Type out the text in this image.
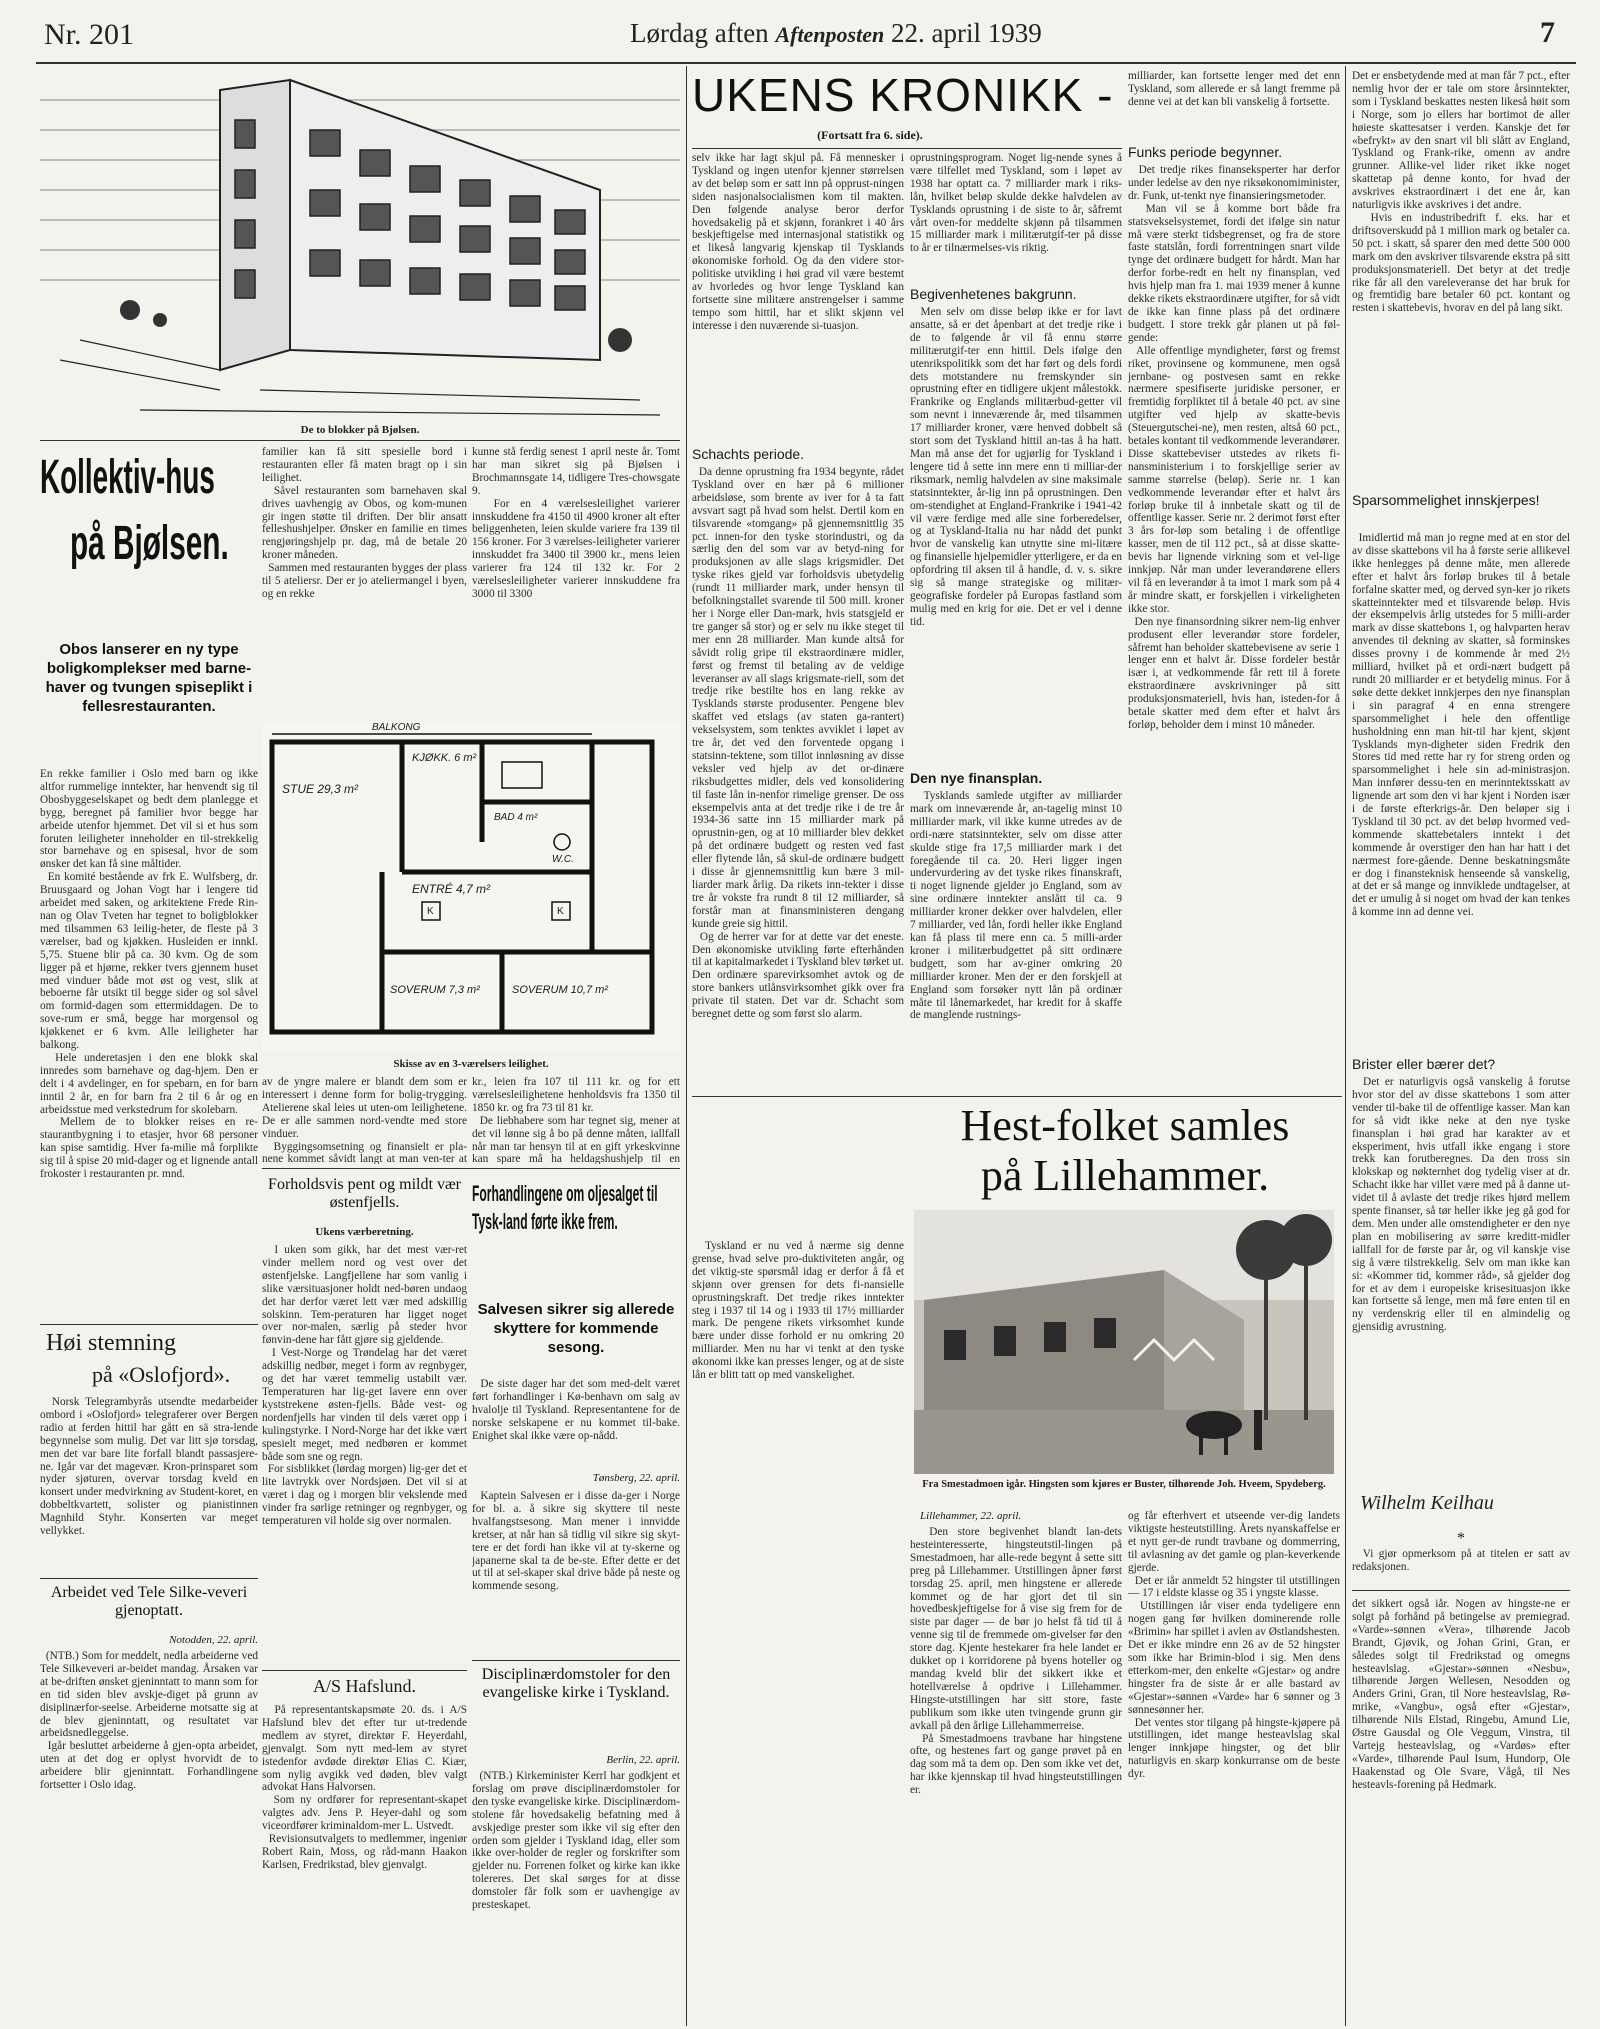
Nr. 201	Lørdag aften Aftenposten 22. april 1939	7
De to blokker på Bjølsen.
Kollektiv-hus
på Bjølsen.
Obos lanserer en ny type boligkomplekser med barne-haver og tvungen spiseplikt i fellesrestauranten.
En rekke familier i Oslo med barn og ikke altfor rummelige inntekter, har henvendt sig til Obosbyggeselskapet og bedt dem planlegge et bygg, beregnet på familier hvor begge har arbeide utenfor hjemmet. Det vil si et hus som foruten leiligheter inneholder en til-strekkelig stor barnehave og en spisesal, hvor de som ønsker det kan få sine måltider.
En komité bestående av frk E. Wulfsberg, dr. Bruusgaard og Johan Vogt har i lengere tid arbeidet med saken, og arkitektene Frede Rin-nan og Olav Tveten har tegnet to boligblokker med tilsammen 63 leilig-heter, de fleste på 3 værelser, bad og kjøkken. Husleiden er innkl. 5,75. Stuene blir på ca. 30 kvm. Og de som ligger på et hjørne, rekker tvers gjennem huset med vinduer både mot øst og vest, slik at beboerne får utsikt til begge sider og sol såvel om formid-dagen som ettermiddagen. De to sove-rum er små, begge har morgensol og kjøkkenet er 6 kvm. Alle leiligheter har balkong.
Hele underetasjen i den ene blokk skal innredes som barnehave og dag-hjem. Den er delt i 4 avdelinger, en for spebarn, en for barn inntil 2 år, en for barn fra 2 til 6 år og en arbeidsstue med verkstedrum for skolebarn.
Mellem de to blokker reises en re-staurantbygning i to etasjer, hvor 68 personer kan spise samtidig. Hver fa-milie må forplikte sig til å spise 20 mid-dager og et lignende antall frokoster i restauranten pr. mnd.
familier kan få sitt spesielle bord i restauranten eller få maten bragt op i sin leilighet.
Såvel restauranten som barnehaven skal drives uavhengig av Obos, og kom-munen gir ingen støtte til driften. Der blir ansatt felleshushjelper. Ønsker en familie en times rengjøringshjelp pr. dag, må de betale 20 kroner måneden.
Sammen med restauranten bygges der plass til 5 ateliersr. Der er jo ateliermangel i byen, og en rekke
kunne stå ferdig senest 1 april neste år. Tomt har man sikret sig på Bjølsen i Brochmannsgate 14, tidligere Tres-chowsgate 9.
For en 4 værelsesleilighet varierer innskuddene fra 4150 til 4900 kroner alt efter beliggenheten, leien skulde variere fra 139 til 156 kroner. For 3 værelses-leiligheter varierer innskuddet fra 3400 til 3900 kr., mens leien varierer fra 124 til 132 kr. For 2 værelsesleiligheter varierer innskuddene fra 3000 til 3300
BALKONG
STUE 29,3 m²
KJØKK. 6 m²
BAD 4 m²
W.C.
ENTRÉ 4,7 m²
K	K
SOVERUM 7,3 m²	SOVERUM 10,7 m²
Skisse av en 3-værelsers leilighet.
av de yngre malere er blandt dem som er interessert i denne form for bolig-trygging. Atelierene skal leies ut uten-om leilighetene. De er alle sammen nord-vendte med store vinduer.
Byggingsomsetning og finansielt er pla-nene kommet såvidt langt at man ven-ter at
kr., leien fra 107 til 111 kr. og for ett værelsesleilighetene henholdsvis fra 1350 til 1850 kr. og fra 73 til 81 kr.
De liebhabere som har tegnet sig, mener at det vil lønne sig å bo på denne måten, iallfall når man tar hensyn til at en gift yrkeskvinne kan spare må ha heldagshushjelp til en
Høi stemning
på «Oslofjord».
Norsk Telegrambyrås utsendte medarbeider ombord i «Oslofjord» telegraferer over Bergen radio at ferden hittil har gått en sä stra-lende begynnelse som mulig. Det var litt sjø torsdag, men det var bare lite forfall blandt passasjere-ne. Igår var det magevær. Kron-prinsparet som nyder sjøturen, overvar torsdag kveld en konsert under medvirkning av Student-koret, en dobbeltkvartett, solister og pianistinnen Magnhild Styhr. Konserten var meget vellykket.
Arbeidet ved Tele Silke-veveri gjenoptatt.
Notodden, 22. april.
(NTB.) Som for meddelt, nedla arbeiderne ved Tele Silkeveveri ar-beidet mandag. Årsaken var at be-driften ønsket gjeninntatt to mann som for en tid siden blev avskje-diget på grunn av disiplinærfor-seelse. Arbeiderne motsatte sig at de blev gjeninntatt, og resultatet var arbeidsnedleggelse.
Igår besluttet arbeiderne å gjen-opta arbeidet, uten at det dog er oplyst hvorvidt de to arbeidere blir gjeninntatt. Forhandlingene fortsetter i Oslo idag.
Forholdsvis pent og mildt vær østenfjells.
Ukens værberetning.
I uken som gikk, har det mest vær-ret vinder mellem nord og vest over det østenfjelske. Langfjellene har som vanlig i slike værsituasjoner holdt ned-børen undaog det har derfor været lett vær med adskillig solskinn. Tem-peraturen har ligget noget over nor-malen, særlig på steder hvor fønvin-dene har fått gjøre sig gjeldende.
I Vest-Norge og Trøndelag har det været adskillig nedbør, meget i form av regnbyger, og det har været temmelig ustabilt vær. Temperaturen har lig-get lavere enn over kyststrekene østen-fjells. Både vest- og nordenfjells har vinden til dels været opp i kulingstyrke. I Nord-Norge har det ikke vært spesielt meget, med nedbøren er kommet både som sne og regn.
For sisblikket (lørdag morgen) lig-ger det et lite lavtrykk over Nordsjøen. Det vil si at været i dag og i morgen blir vekslende med vinder fra sørlige retninger og regnbyger, og temperaturen vil holde sig over normalen.
A/S Hafslund.
På representantskapsmøte 20. ds. i A/S Hafslund blev det efter tur ut-tredende medlem av styret, direktør F. Heyerdahl, gjenvalgt. Som nytt med-lem av styret istedenfor avdøde direktør Elias C. Kiær, som nylig avgikk ved døden, blev valgt advokat Hans Halvorsen.
Som ny ordfører for representant-skapet valgtes adv. Jens P. Heyer-dahl og som viceordfører kriminaldom-mer L. Ustvedt.
Revisionsutvalgets to medlemmer, ingeniør Robert Rain, Moss, og råd-mann Haakon Karlsen, Fredrikstad, blev gjenvalgt.
Forhandlingene om oljesalget til Tysk-land førte ikke frem.
Salvesen sikrer sig allerede skyttere for kommende sesong.
De siste dager har det som med-delt været ført forhandlinger i Kø-benhavn om salg av hvalolje til Tyskland. Representantene for de norske selskapene er nu kommet til-bake. Enighet skal ikke være op-nådd.
Tønsberg, 22. april.
Kaptein Salvesen er i disse da-ger i Norge for bl. a. å sikre sig skyttere til neste hvalfangstsesong. Man mener i innvidde kretser, at når han så tidlig vil sikre sig skyt-tere er det fordi han ikke vil at ty-skerne og japanerne skal ta de be-ste. Efter dette er det ut til at sel-skaper skal drive både på neste og kommende sesong.
Disciplinærdomstoler for den evangeliske kirke i Tyskland.
Berlin, 22. april.
(NTB.) Kirkeminister Kerrl har godkjent et forslag om prøve disciplinærdomstoler for den tyske evangeliske kirke. Disciplinærdom-stolene får hovedsakelig befatning med å avskjedige prester som ikke vil sig efter den orden som gjelder i Tyskland idag, eller som ikke over-holder de regler og forskrifter som gjelder nu. Forrenen folket og kirke kan ikke tolereres. Det skal sørges for at disse domstoler får folk som er uavhengige av presteskapet.
UKENS KRONIKK -
(Fortsatt fra 6. side).
selv ikke har lagt skjul på. Få mennesker i Tyskland og ingen utenfor kjenner størrelsen av det beløp som er satt inn på opprust-ningen siden nasjonalsocialismen kom til makten. Den følgende analyse beror derfor hovedsakelig på et skjønn, forankret i 40 års beskjeftigelse med internasjonal statistikk og et likeså langvarig kjenskap til Tysklands økonomiske forhold. Og da den videre stor-politiske utvikling i høi grad vil være bestemt av hvorledes og hvor lenge Tyskland kan fortsette sine militære anstrengelser i samme tempo som hittil, har et slikt skjønn vel interesse i den nuværende si-tuasjon.
Schachts periode.
Da denne oprustning fra 1934 begynte, rådet Tyskland over en hær på 6 millioner arbeidsløse, som brente av iver for å ta fatt avsvart sagt på hvad som helst. Dertil kom en tilsvarende «tomgang» på gjennemsnittlig 35 pct. innen-for den tyske storindustri, og da særlig den del som var av betyd-ning for produksjonen av alle slags krigsmidler. Det tyske rikes gjeld var forholdsvis ubetydelig (rundt 11 milliarder mark, under hensyn til befolkningstallet svarende til 500 mill. kroner her i Norge eller Dan-mark, hvis statsgjeld er tre ganger så stor) og er selv nu ikke steget til mer enn 28 milliarder. Man kunde altså for såvidt rolig gripe til ekstraordinære midler, først og fremst til betaling av de veldige leveranser av all slags krigsmate-riell, som det tredje rike bestilte hos en lang rekke av Tysklands største produsenter. Pengene blev skaffet ved etslags (av staten ga-rantert) vekselsystem, som tenktes avviklet i løpet av tre år, det ved den forventede opgang i statsinn-tektene, som tillot innløsning av disse veksler ved hjelp av det or-dinære riksbudgettes midler, dels ved konsolidering til faste lån in-nenfor rimelige grenser. De oss eksempelvis anta at det tredje rike i de tre år 1934-36 satte inn 15 milliarder mark på oprustnin-gen, og at 10 milliarder blev dekket på det ordinære budgett og resten ved fast eller flytende lån, så skul-de ordinære budgett i disse år gjennemsnittlig kun bære 3 mil-liarder mark årlig. Da rikets inn-tekter i disse tre år vokste fra rundt 8 til 12 milliarder, så forstår man at finansministeren dengang kunde greie sig hittil.
Og de herrer var for at dette var det eneste. Den økonomiske utvikling førte efterhånden til at kapitalmarkedet i Tyskland blev tørket ut. Den ordinære sparevirksomhet avtok og de store bankers utlånsvirksomhet gikk over fra private til staten. Det var dr. Schacht som beregnet dette og som først slo alarm.
Tyskland er nu ved å nærme sig denne grense, hvad selve pro-duktiviteten angår, og det viktig-ste spørsmål idag er derfor å få et skjønn over grensen for dets fi-nansielle oprustningskraft. Det tredje rikes inntekter steg i 1937 til 14 og i 1933 til 17½ milliarder mark. De pengene rikets virksomhet kunde bære under disse forhold er nu omkring 20 milliarder. Men nu har vi tenkt at den tyske økonomi ikke kan presses lenger, og at de siste lån er blitt tatt op med vanskelighet.
oprustningsprogram. Noget lig-nende synes å være tilfellet med Tyskland, som i løpet av 1938 har optatt ca. 7 milliarder mark i riks-lån, hvilket beløp skulde dekke halvdelen av Tysklands oprustning i de siste to år, såfremt vårt oven-for meddelte skjønn på tilsammen 15 milliarder mark i militærutgif-ter på disse to år er tilnærmelses-vis riktig.
Begivenhetenes bakgrunn.
Men selv om disse beløp ikke er for lavt ansatte, så er det åpenbart at det tredje rike i de to følgende år vil få ennu større militærutgif-ter enn hittil. Dels ifølge den utenrikspolitikk som det har ført og dels fordi dets motstandere nu fremskynder sin oprustning efter en tidligere ukjent målestokk. Frankrike og Englands militærbud-getter vil som nevnt i inneværende år, med tilsammen 17 milliarder kroner, være henved dobbelt så stort som det Tyskland hittil an-tas å ha hatt. Man må anse det for ugjørlig for Tyskland i lengere tid å sette inn mere enn ti milliar-der riksmark, nemlig halvdelen av sine maksimale statsinntekter, år-lig inn på oprustningen. Den om-stendighet at England-Frankrike i 1941-42 vil være ferdige med alle sine forberedelser, og at Tyskland-Italia nu har nådd det punkt hvor de vanskelig kan utnytte sine mi-litære og finansielle hjelpemidler ytterligere, er da en opfordring til aksen til å handle, d. v. s. sikre sig så mange strategiske og militær-geografiske fordeler på Europas fastland som mulig med en krig for øie. Det er vel i denne tid.
Den nye finansplan.
Tysklands samlede utgifter av milliarder mark om inneværende år, an-tagelig minst 10 milliarder mark, vil ikke kunne utredes av de ordi-nære statsinntekter, selv om disse atter skulde stige fra 17,5 milliarder mark i det foregående til ca. 20. Heri ligger ingen undervurdering av det tyske rikes finanskraft, ti noget lignende gjelder jo England, som av sine ordinære inntekter anslått til ca. 9 milliarder kroner dekker over halvdelen, eller 7 milliarder, ved lån, fordi heller ikke England kan få plass til mere enn ca. 5 milli-arder kroner i militærbudgettet på sitt ordinære budgett, som har av-giner omkring 20 milliarder kroner. Men der er den forskjell at England som forsøker nytt lån på ordinær måte til lånemarkedet, har kredit for å skaffe de manglende rustnings-
milliarder, kan fortsette lenger med det enn Tyskland, som allerede er så langt fremme på denne vei at det kan bli vanskelig å fortsette.
Funks periode begynner.
Det tredje rikes finanseksperter har derfor under ledelse av den nye riksøkonomiminister, dr. Funk, ut-tenkt nye finansieringsmetoder.
Man vil se å komme bort både fra statsvekselsystemet, fordi det ifølge sin natur må være sterkt tidsbegrenset, og fra de store faste statslån, fordi forrentningen snart vilde tynge det ordinære budgett for hårdt. Man har derfor forbe-redt en helt ny finansplan, ved hvis hjelp man fra 1. mai 1939 mener å kunne dekke rikets ekstraordinære utgifter, for så vidt de ikke kan finne plass på det ordinære budgett. I store trekk går planen ut på føl-gende:
Alle offentlige myndigheter, først og fremst riket, provinsene og kommunene, men også jernbane- og postvesen samt en rekke nærmere spesifiserte juridiske personer, er fremtidig forpliktet til å betale 40 pct. av sine utgifter ved hjelp av skatte-bevis (Steuergutschei-ne), men resten, altså 60 pct., betales kontant til vedkommende leverandører. Disse skattebeviser utstedes av rikets fi-nansministerium i to forskjellige serier av samme størrelse (beløp). Serie nr. 1 kan vedkommende leverandør efter et halvt års forløp bruke til å innbetale skatt og til de offentlige kasser. Serie nr. 2 derimot først efter 3 års for-løp som betaling i de offentlige kasser, men de til 112 pct., så at disse skatte-bevis har lignende virkning som et vel-lige innkjøp. Når man under leverandørene ellers vil få en leverandør å ta imot 1 mark som på 4 år mindre skatt, er forskjellen i virkeligheten ikke stor.
Den nye finansordning sikrer nem-lig enhver produsent eller leverandør store fordeler, såfremt han beholder skattebevisene av serie 1 lenger enn et halvt år. Disse fordeler består især i, at vedkommende får rett til å forete ekstraordinære avskrivninger på sitt produksjonsmateriell, hvis han, isteden-for å betale skatter med dem efter et halvt års forløp, beholder dem i minst 10 måneder.
Det er ensbetydende med at man får 7 pct., efter nemlig hvor der er tale om store årsinntekter, som i Tyskland beskattes nesten likeså høit som i Norge, som jo ellers har bortimot de aller høieste skattesatser i verden. Kanskje det før «befrykt» av den snart vil bli slått av England, Tyskland og Frank-rike, omenn av andre grunner. Allike-vel lider riket ikke noget skattetap på denne konto, for hvad der avskrives ekstraordinært i det ene år, kan naturligvis ikke avskrives i det andre.
Hvis en industribedrift f. eks. har et driftsoverskudd på 1 million mark og betaler ca. 50 pct. i skatt, så sparer den med dette 500 000 mark om den avskriver tilsvarende ekstra på sitt produksjonsmateriell. Det betyr at det tredje rike får all den vareleveranse det har bruk for og fremtidig bare betaler 60 pct. kontant og resten i skattebevis, hvorav en del på lang sikt.
Sparsommelighet innskjerpes!
Imidlertid må man jo regne med at en stor del av disse skattebons vil ha å første serie allikevel ikke henlegges på denne måte, men allerede efter et halvt års forløp brukes til å betale forfalne skatter med, og derved syn-ker jo rikets skatteinntekter med et tilsvarende beløp. Hvis der eksempelvis årlig utstedes for 5 milli-arder mark av disse skattebons 1, og halvparten herav anvendes til dekning av skatter, så forminskes disses provny i de kommende år med 2½ milliard, hvilket på et ordi-nært budgett på rundt 20 milliarder er et betydelig minus. For å søke dette dekket innkjerpes den nye finansplan i sin paragraf 4 en enna strengere sparsommelighet i hele den offentlige husholdning enn man hit-til har kjent, skjønt Tysklands myn-digheter siden Fredrik den Stores tid med rette har ry for streng orden og sparsommelighet i hele sin ad-ministrasjon. Man innfører dessu-ten en merinntektsskatt av lignende art som den vi har kjent i Norden især i de første efterkrigs-år. Den beløper sig i Tyskland til 30 pct. av det beløp hvormed ved-kommende skattebetalers inntekt i det kommende år overstiger den han har hatt i det nærmest fore-gående. Denne beskatningsmåte er dog i finansteknisk henseende så vanskelig, at det er så mange og innviklede undtagelser, at det er umulig å si noget om hvad der kan tenkes å komme inn ad denne vei.
Brister eller bærer det?
Det er naturligvis også vanskelig å forutse hvor stor del av disse skattebons 1 som atter vender til-bake til de offentlige kasser. Man kan for så vidt ikke neke at den nye tyske finansplan i høi grad har karakter av et eksperiment, hvis utfall ikke engang i store trekk kan forutberegnes. Da den tross sin klokskap og nøkternhet dog tydelig viser at dr. Schacht ikke har villet være med på å danne ut-videt til å avlaste det tredje rikes hjørd mellem spente finanser, så tør heller ikke jeg gå god for dem. Men under alle omstendigheter er den nye plan en mobilisering av sørre kreditt-midler iallfall for de første par år, og vil kanskje vise sig å være tilstrekkelig. Selv om man ikke kan si: «Kommer tid, kommer råd», så gjelder dog for et av dem i europeiske krisesituasjon ikke kan fortsette så lenge, men må føre enten til en ny verdenskrig eller til en almindelig og gjensidig avrustning.
Wilhelm Keilhau
*
Vi gjør opmerksom på at titelen er satt av redaksjonen.
Hest-folket samles
på Lillehammer.
Fra Smestadmoen igår. Hingsten som kjøres er Buster, tilhørende Joh. Hveem, Spydeberg.
Lillehammer, 22. april.
Den store begivenhet blandt lan-dets hesteinteresserte, hingsteutstil-lingen på Smestadmoen, har alle-rede begynt å sette sitt preg på Lillehammer. Utstillingen åpner først torsdag 25. april, men hingstene er allerede kommet og de har gjort det til sin hovedbeskjeftigelse for å vise sig frem for de siste par dager — de bør jo helst få tid til å venne sig til de fremmede om-givelser før den store dag. Kjente hestekarer fra hele landet er dukket op i korridorene på byens hoteller og mandag kveld blir det sikkert ikke et hotellværelse å opdrive i Lillehammer. Hingste-utstillingen har sitt store, faste publikum som ikke uten tvingende grunn gir avkall på den årlige Lillehammerreise.
På Smestadmoens travbane har hingstene ofte, og hestenes fart og gange prøvet på en dag som må ta dem op. Den som ikke vet det, har ikke kjennskap til hvad hingsteutstillingen er.
og får efterhvert et utseende ver-dig landets viktigste hesteutstilling. Årets nyanskaffelse er et nytt ger-de rundt travbane og dommerring, til avlasning av det gamle og plan-keverkende gjerde.
Det er iår anmeldt 52 hingster til utstillingen — 17 i eldste klasse og 35 i yngste klasse.
Utstillingen iår viser enda tydeligere enn nogen gang før hvilken dominerende rolle «Brimin» har spillet i avlen av Østlandshesten. Det er ikke mindre enn 26 av de 52 hingster som ikke har Brimin-blod i sig. Men dens etterkom-mer, den enkelte «Gjestar» og andre hingster fra de siste år er alle bastard av «Gjestar»-sønnen «Varde» har 6 sønner og 3 sønnesønner her.
Det ventes stor tilgang på hingste-kjøpere på utstillingen, idet mange hesteavlslag skal lenger innkjøpe hingster, og det blir naturligvis en skarp konkurranse om de beste dyr.
det sikkert også iår. Nogen av hingste-ne er solgt på forhånd på betingelse av premiegrad. «Varde»-sønnen «Vera», tilhørende Jacob Brandt, Gjøvik, og Johan Grini, Gran, er således solgt til Fredrikstad og omegns hesteavlslag. «Gjestar»-sønnen «Nesbu», tilhørende Jørgen Wellesen, Nesodden og Anders Grini, Gran, til Nore hesteavlslag, Rø-mrike, «Vangbu», også efter «Gjestar», tilhørende Nils Elstad, Ringebu, Amund Lie, Østre Gausdal og Ole Veggum, Vinstra, til Vartejg hesteavlslag, og «Vardøs» efter «Varde», tilhørende Paul Isum, Hundorp, Ole Haakenstad og Ole Svare, Vågå, til Nes hesteavls-forening på Hedmark.
